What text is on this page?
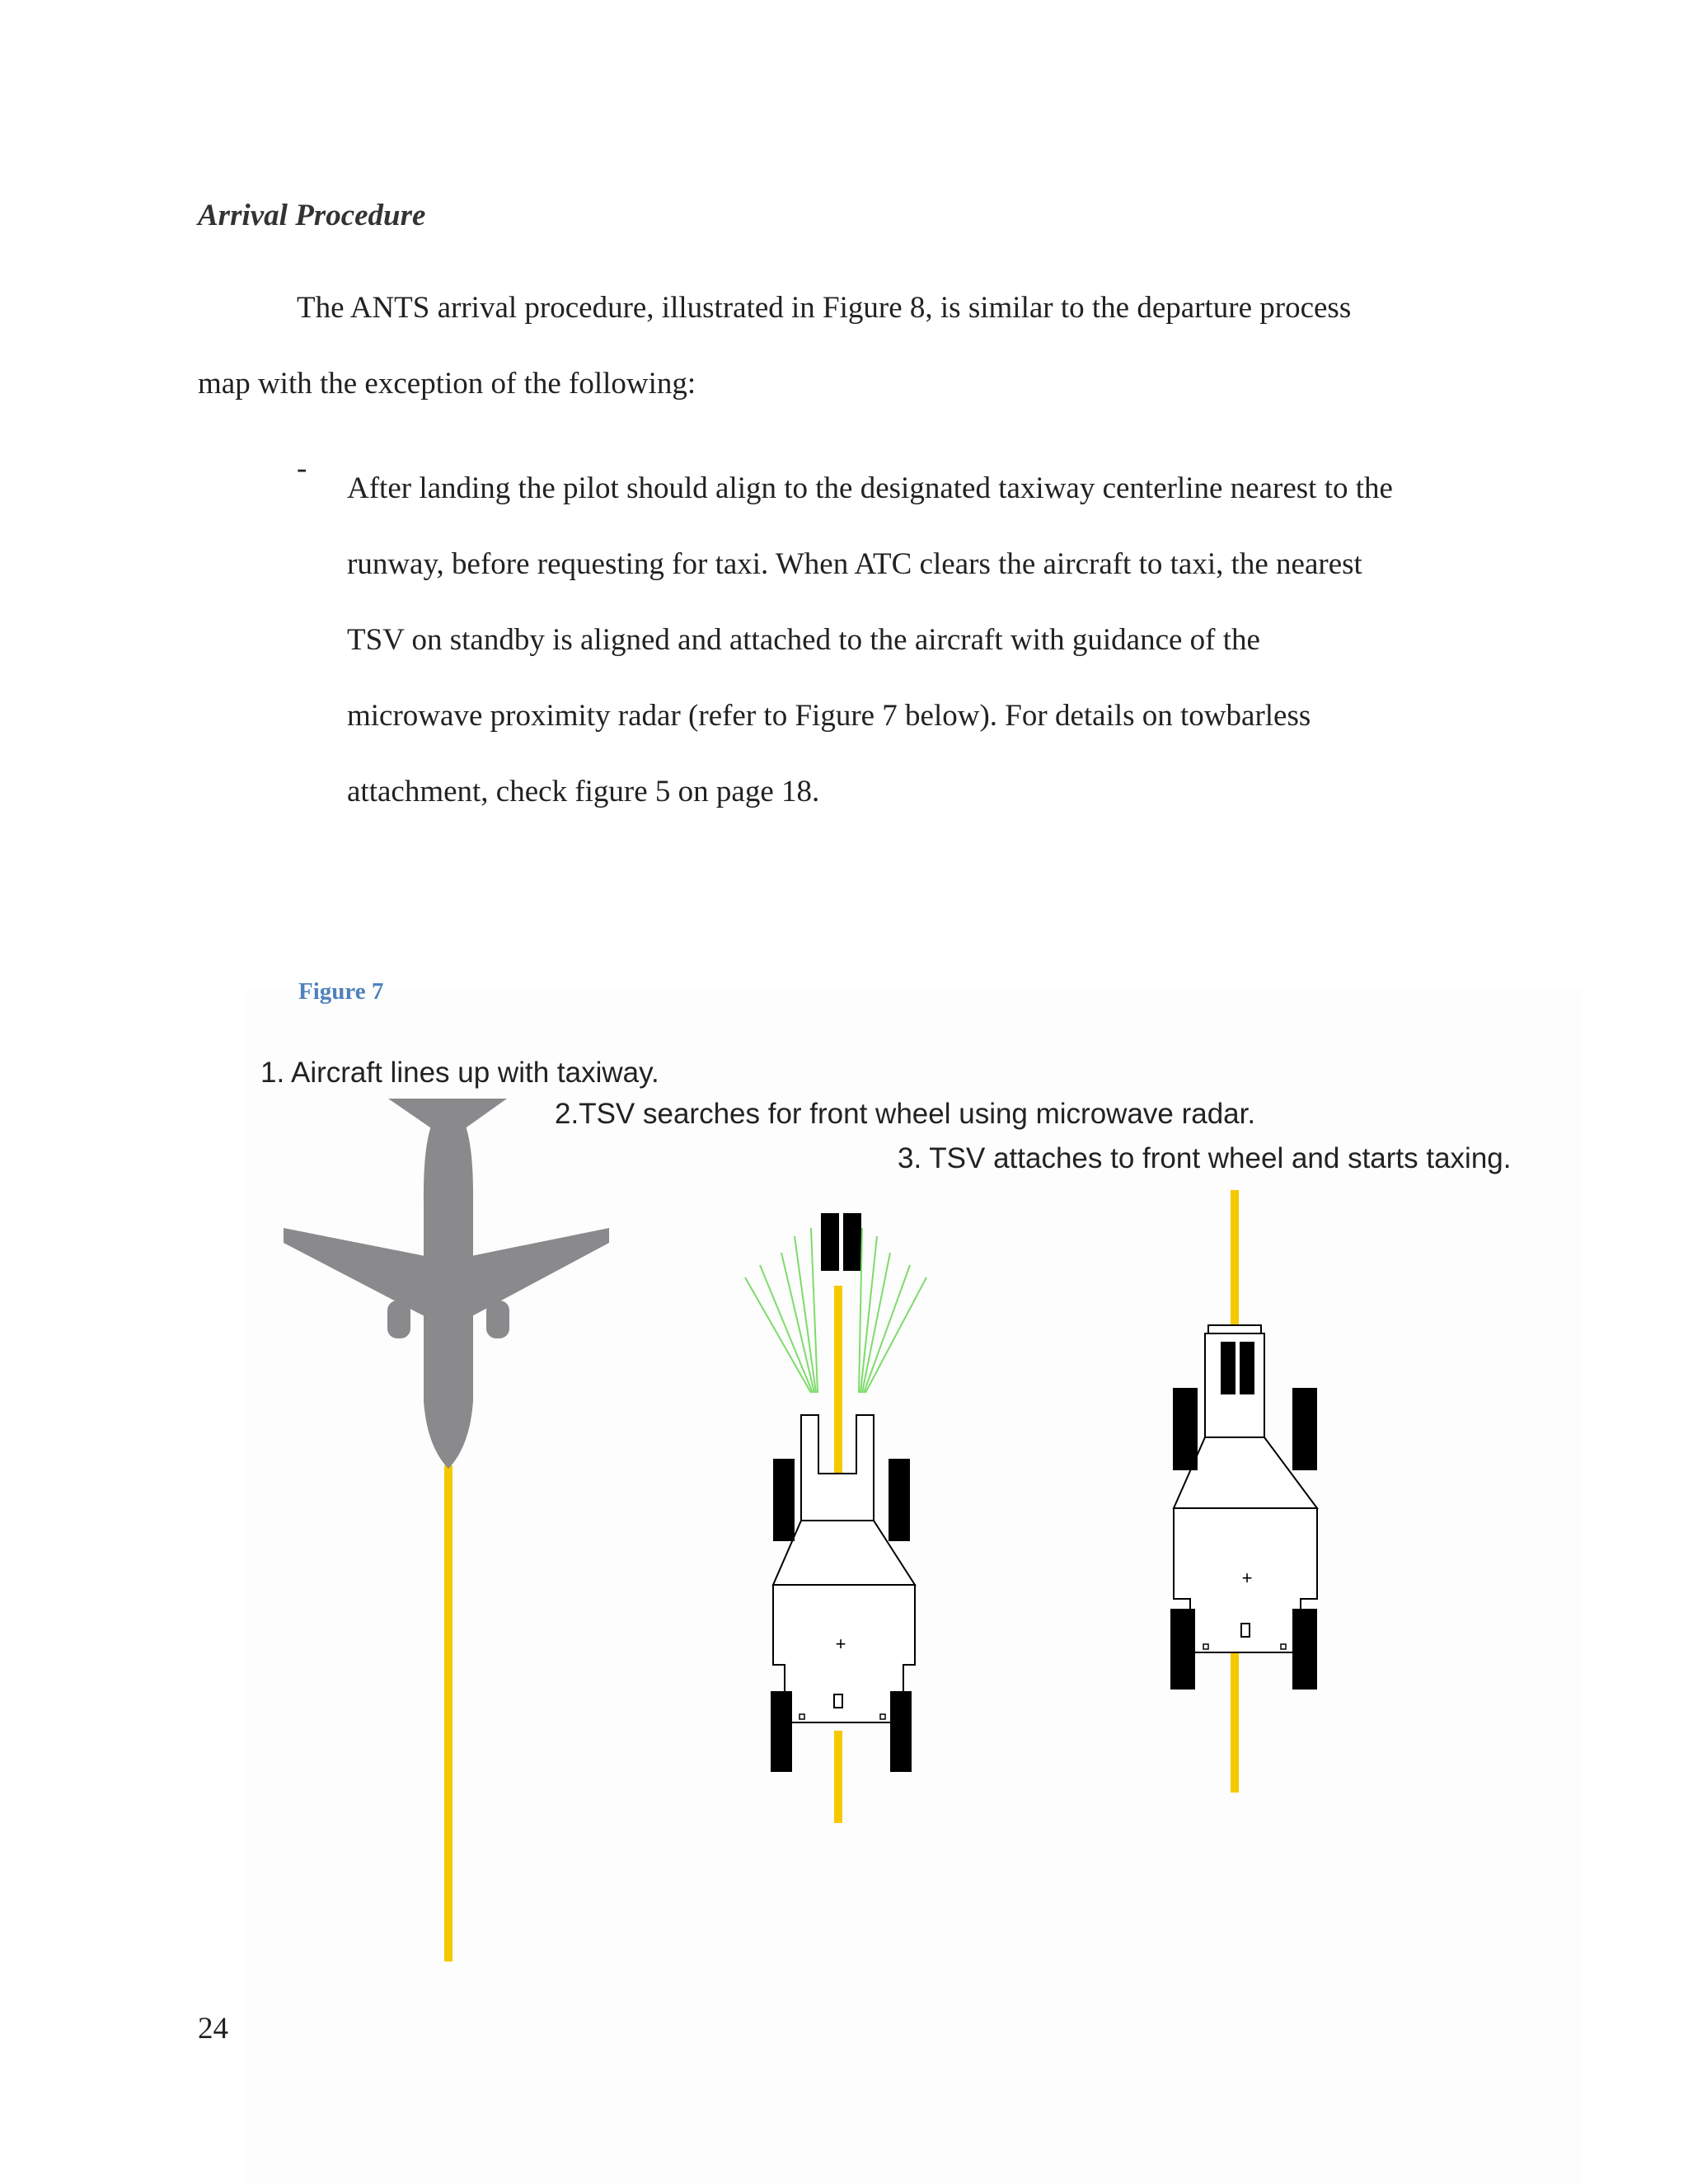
Arrival Procedure

The ANTS arrival procedure, illustrated in Figure 8, is similar to the departure process
map with the exception of the following:

-
After landing the pilot should align to the designated taxiway centerline nearest to the
runway, before requesting for taxi. When ATC clears the aircraft to taxi, the nearest
TSV on standby is aligned and attached to the aircraft with guidance of the
microwave proximity radar (refer to Figure 7 below). For details on towbarless
attachment, check figure 5 on page 18.
1. Aircraft lines up with taxiway.
2.TSV searches for front wheel using microwave radar.
3. TSV attaches to front wheel and starts taxing.
+
+
Figure 7
24
